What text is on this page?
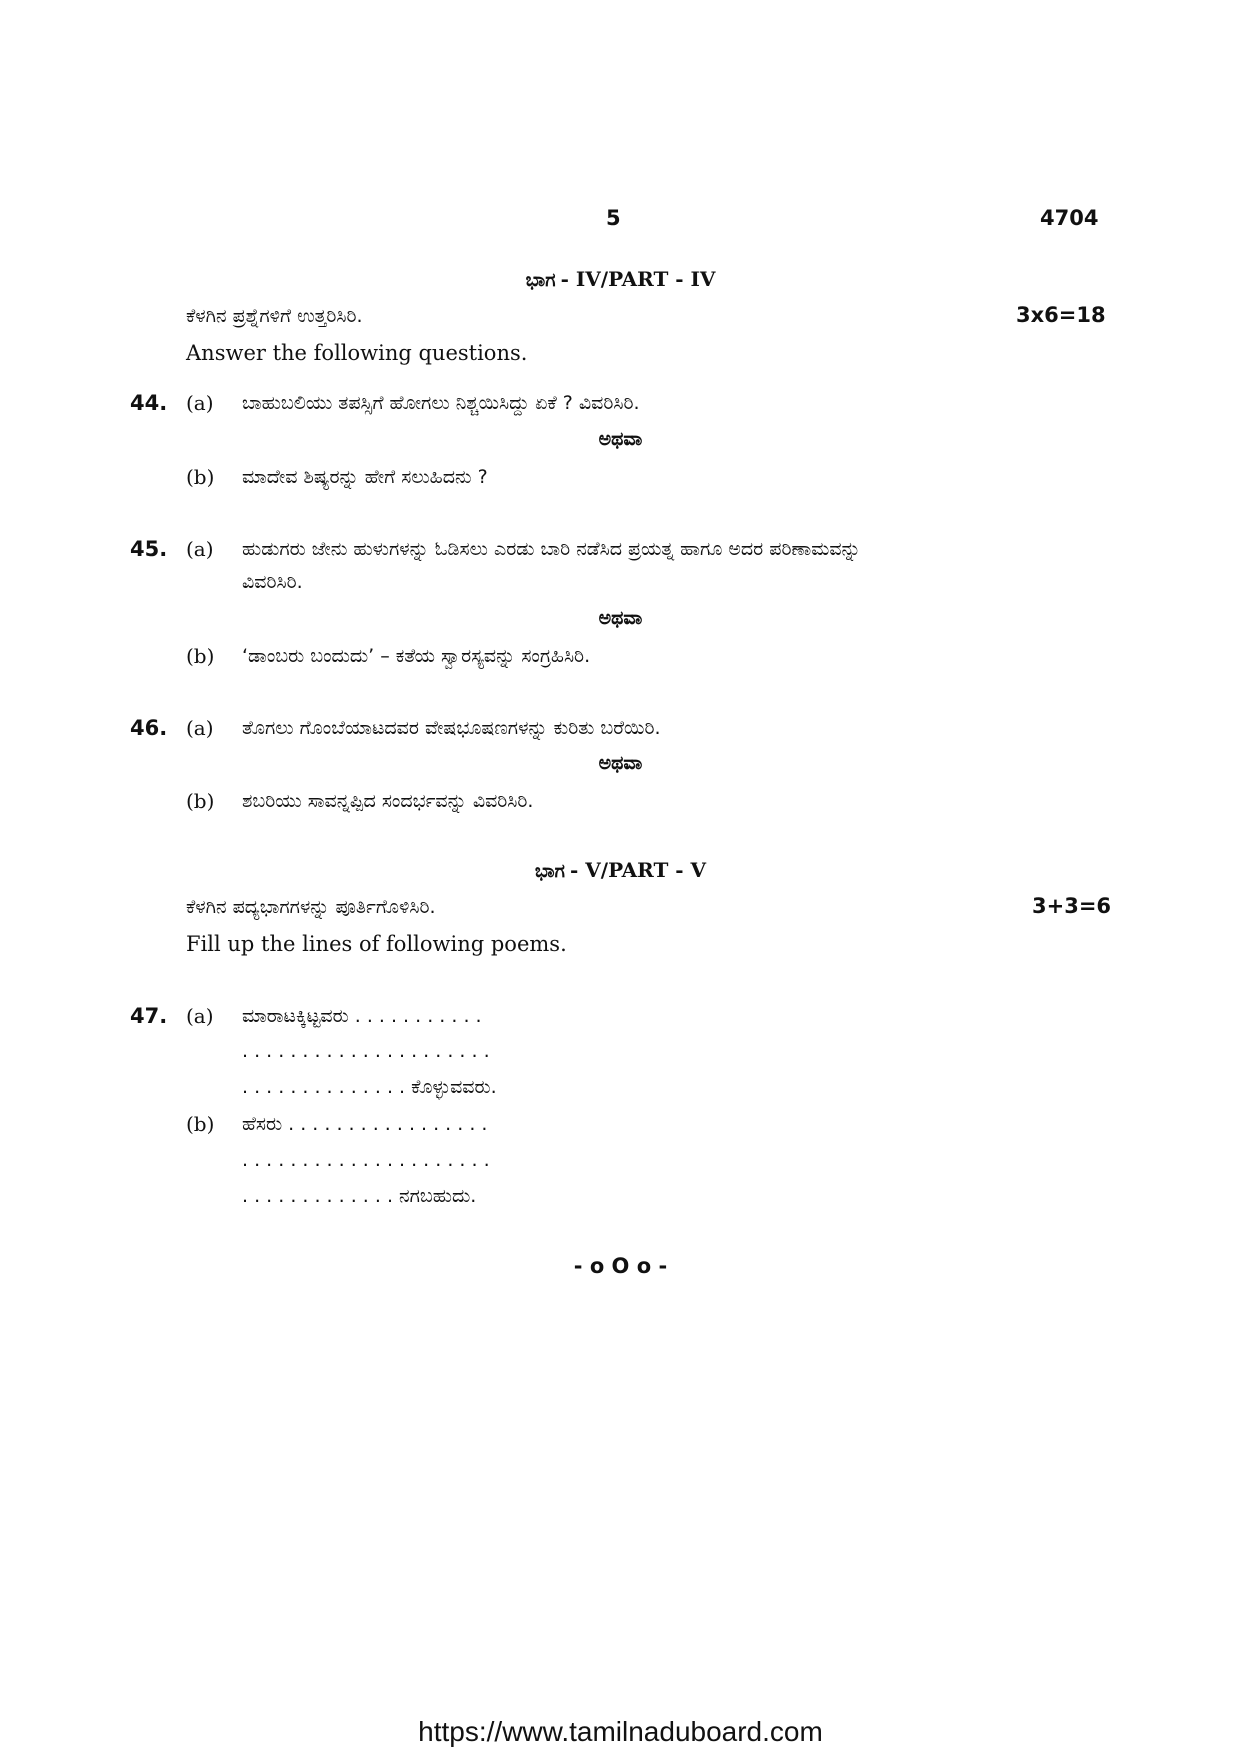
5	4704
ಭಾಗ - IV/PART - IV
ಕೆಳಗಿನ ಪ್ರಶ್ನೆಗಳಿಗೆ ಉತ್ತರಿಸಿರಿ.	3x6=18
Answer the following questions.
44. (a) ಬಾಹುಬಲಿಯು ತಪಸ್ಸಿಗೆ ಹೋಗಲು ನಿಶ್ಚಯಿಸಿದ್ದು ಏಕೆ ? ವಿವರಿಸಿರಿ.
ಅಥವಾ
(b) ಮಾದೇವ ಶಿಷ್ಯರನ್ನು ಹೇಗೆ ಸಲುಹಿದನು ?
45. (a) ಹುಡುಗರು ಜೇನು ಹುಳುಗಳನ್ನು ಓಡಿಸಲು ಎರಡು ಬಾರಿ ನಡೆಸಿದ ಪ್ರಯತ್ನ ಹಾಗೂ ಅದರ ಪರಿಣಾಮವನ್ನು
ವಿವರಿಸಿರಿ.
ಅಥವಾ
(b) ‘ಡಾಂಬರು ಬಂದುದು’ – ಕತೆಯ ಸ್ವಾರಸ್ಯವನ್ನು ಸಂಗ್ರಹಿಸಿರಿ.
46. (a) ತೊಗಲು ಗೊಂಬೆಯಾಟದವರ ವೇಷಭೂಷಣಗಳನ್ನು ಕುರಿತು ಬರೆಯಿರಿ.
ಅಥವಾ
(b) ಶಬರಿಯು ಸಾವನ್ನಪ್ಪಿದ ಸಂದರ್ಭವನ್ನು ವಿವರಿಸಿರಿ.
ಭಾಗ - V/PART - V
ಕೆಳಗಿನ ಪದ್ಯಭಾಗಗಳನ್ನು ಪೂರ್ತಿಗೊಳಿಸಿರಿ.	3+3=6
Fill up the lines of following poems.
47. (a) ಮಾರಾಟಕ್ಕಿಟ್ಟವರು . . . . . . . . . . .
. . . . . . . . . . . . . . . . . . . . .
. . . . . . . . . . . . . . ಕೊಳ್ಳುವವರು.
(b) ಹೆಸರು . . . . . . . . . . . . . . . . .
. . . . . . . . . . . . . . . . . . . . .
. . . . . . . . . . . . . ನಗಬಹುದು.
- o O o -
https://www.tamilnaduboard.com
